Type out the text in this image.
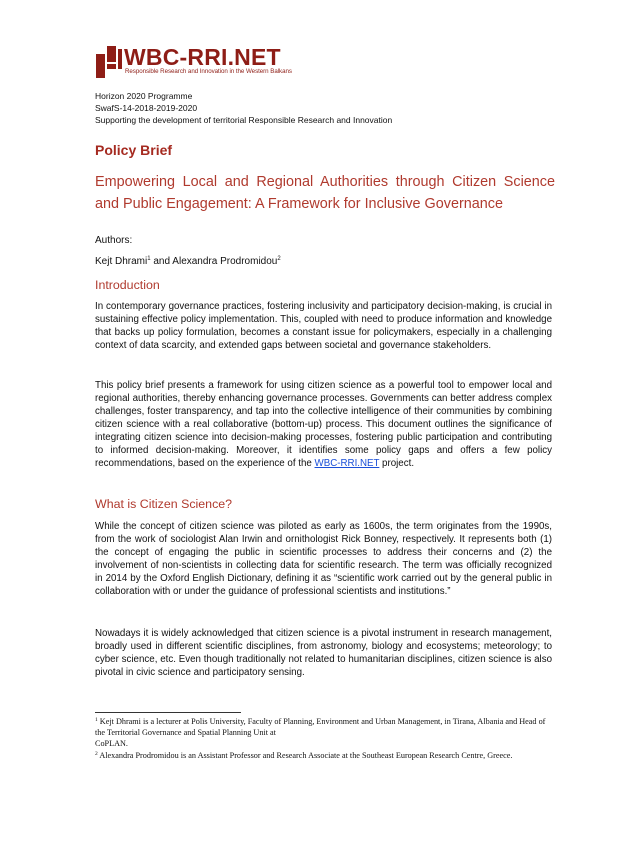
WBC-RRI.NET
Responsible Research and Innovation in the Western Balkans
Horizon 2020 Programme
SwafS-14-2018-2019-2020
Supporting the development of territorial Responsible Research and Innovation
Policy Brief
Empowering Local and Regional Authorities through Citizen Science and Public Engagement: A Framework for Inclusive Governance
Authors:
Kejt Dhrami$^1$ and Alexandra Prodromidou$^2$
Introduction
In contemporary governance practices, fostering inclusivity and participatory decision-making, is crucial in sustaining effective policy implementation. This, coupled with need to produce information and knowledge that backs up policy formulation, becomes a constant issue for policymakers, especially in a challenging context of data scarcity, and extended gaps between societal and governance stakeholders.
This policy brief presents a framework for using citizen science as a powerful tool to empower local and regional authorities, thereby enhancing governance processes. Governments can better address complex challenges, foster transparency, and tap into the collective intelligence of their communities by combining citizen science with a real collaborative (bottom-up) process. This document outlines the significance of integrating citizen science into decision-making processes, fostering public participation and contributing to informed decision-making. Moreover, it identifies some policy gaps and offers a few policy recommendations, based on the experience of the WBC-RRI.NET project.
What is Citizen Science?
While the concept of citizen science was piloted as early as 1600s, the term originates from the 1990s, from the work of sociologist Alan Irwin and ornithologist Rick Bonney, respectively. It represents both (1) the concept of engaging the public in scientific processes to address their concerns and (2) the involvement of non-scientists in collecting data for scientific research. The term was officially recognized in 2014 by the Oxford English Dictionary, defining it as “scientific work carried out by the general public in collaboration with or under the guidance of professional scientists and institutions.”
Nowadays it is widely acknowledged that citizen science is a pivotal instrument in research management, broadly used in different scientific disciplines, from astronomy, biology and ecosystems; meteorology; to cyber science, etc. Even though traditionally not related to humanitarian disciplines, citizen science is also pivotal in civic science and participatory sensing.
$^1$ Kejt Dhrami is a lecturer at Polis University, Faculty of Planning, Environment and Urban Management, in Tirana, Albania and Head of the Territorial Governance and Spatial Planning Unit at
CoPLAN.
$^2$ Alexandra Prodromidou is an Assistant Professor and Research Associate at the Southeast European Research Centre, Greece.
